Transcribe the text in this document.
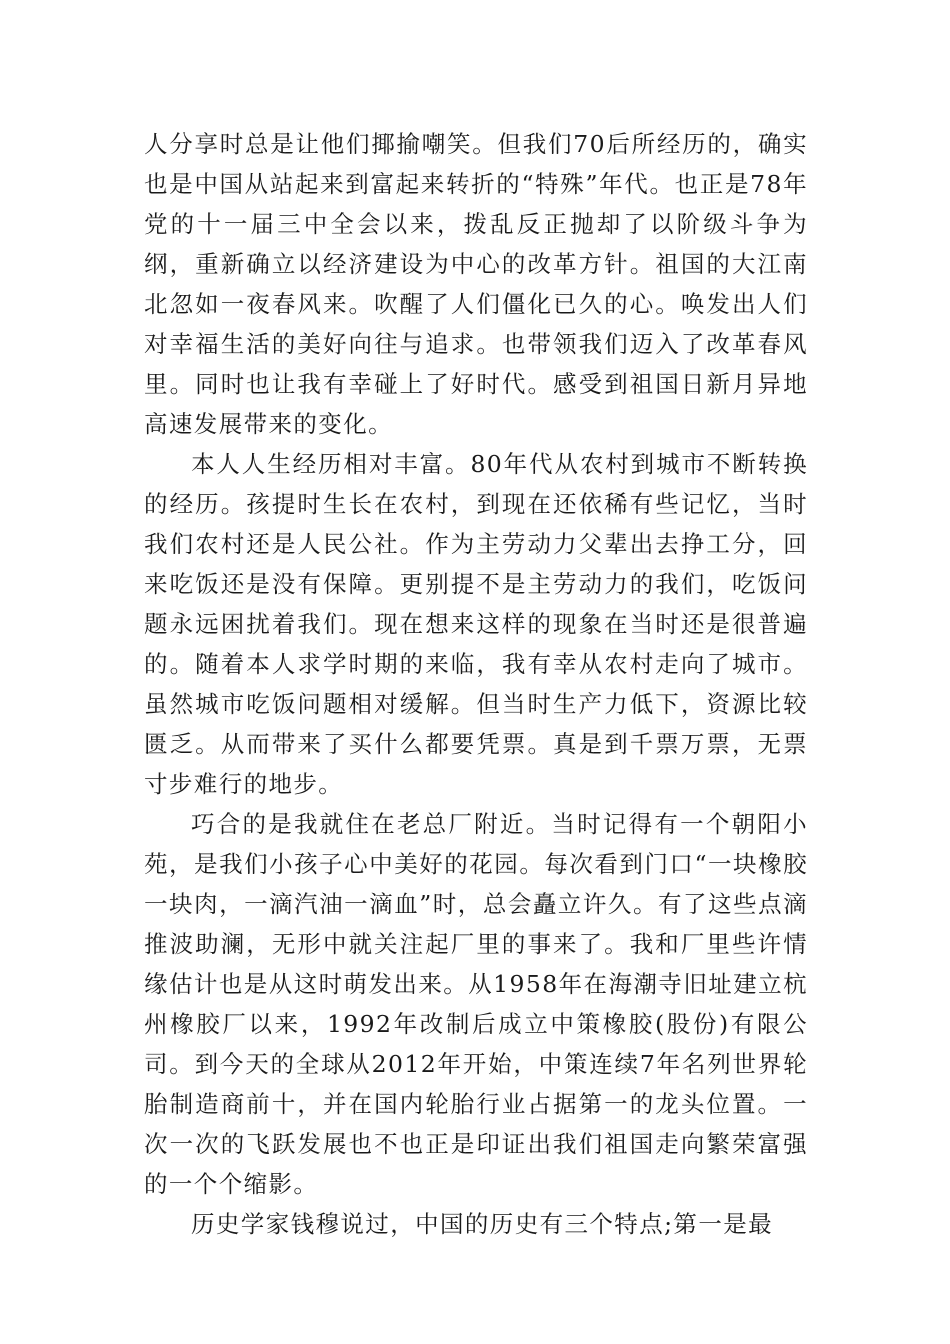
人分享时总是让他们揶揄嘲笑。但我们70后所经历的，确实也是中国从站起来到富起来转折的“特殊”年代。也正是78年党的十一届三中全会以来，拨乱反正抛却了以阶级斗争为纲，重新确立以经济建设为中心的改革方针。祖国的大江南北忽如一夜春风来。吹醒了人们僵化已久的心。唤发出人们对幸福生活的美好向往与追求。也带领我们迈入了改革春风里。同时也让我有幸碰上了好时代。感受到祖国日新月异地高速发展带来的变化。

本人人生经历相对丰富。80年代从农村到城市不断转换的经历。孩提时生长在农村，到现在还依稀有些记忆，当时我们农村还是人民公社。作为主劳动力父辈出去挣工分，回来吃饭还是没有保障。更别提不是主劳动力的我们，吃饭问题永远困扰着我们。现在想来这样的现象在当时还是很普遍的。随着本人求学时期的来临，我有幸从农村走向了城市。虽然城市吃饭问题相对缓解。但当时生产力低下，资源比较匮乏。从而带来了买什么都要凭票。真是到千票万票，无票寸步难行的地步。

巧合的是我就住在老总厂附近。当时记得有一个朝阳小苑，是我们小孩子心中美好的花园。每次看到门口“一块橡胶一块肉，一滴汽油一滴血”时，总会矗立许久。有了这些点滴推波助澜，无形中就关注起厂里的事来了。我和厂里些许情缘估计也是从这时萌发出来。从1958年在海潮寺旧址建立杭州橡胶厂以来，1992年改制后成立中策橡胶(股份)有限公司。到今天的全球从2012年开始，中策连续7年名列世界轮胎制造商前十，并在国内轮胎行业占据第一的龙头位置。一次一次的飞跃发展也不也正是印证出我们祖国走向繁荣富强的一个个缩影。

历史学家钱穆说过，中国的历史有三个特点;第一是最
